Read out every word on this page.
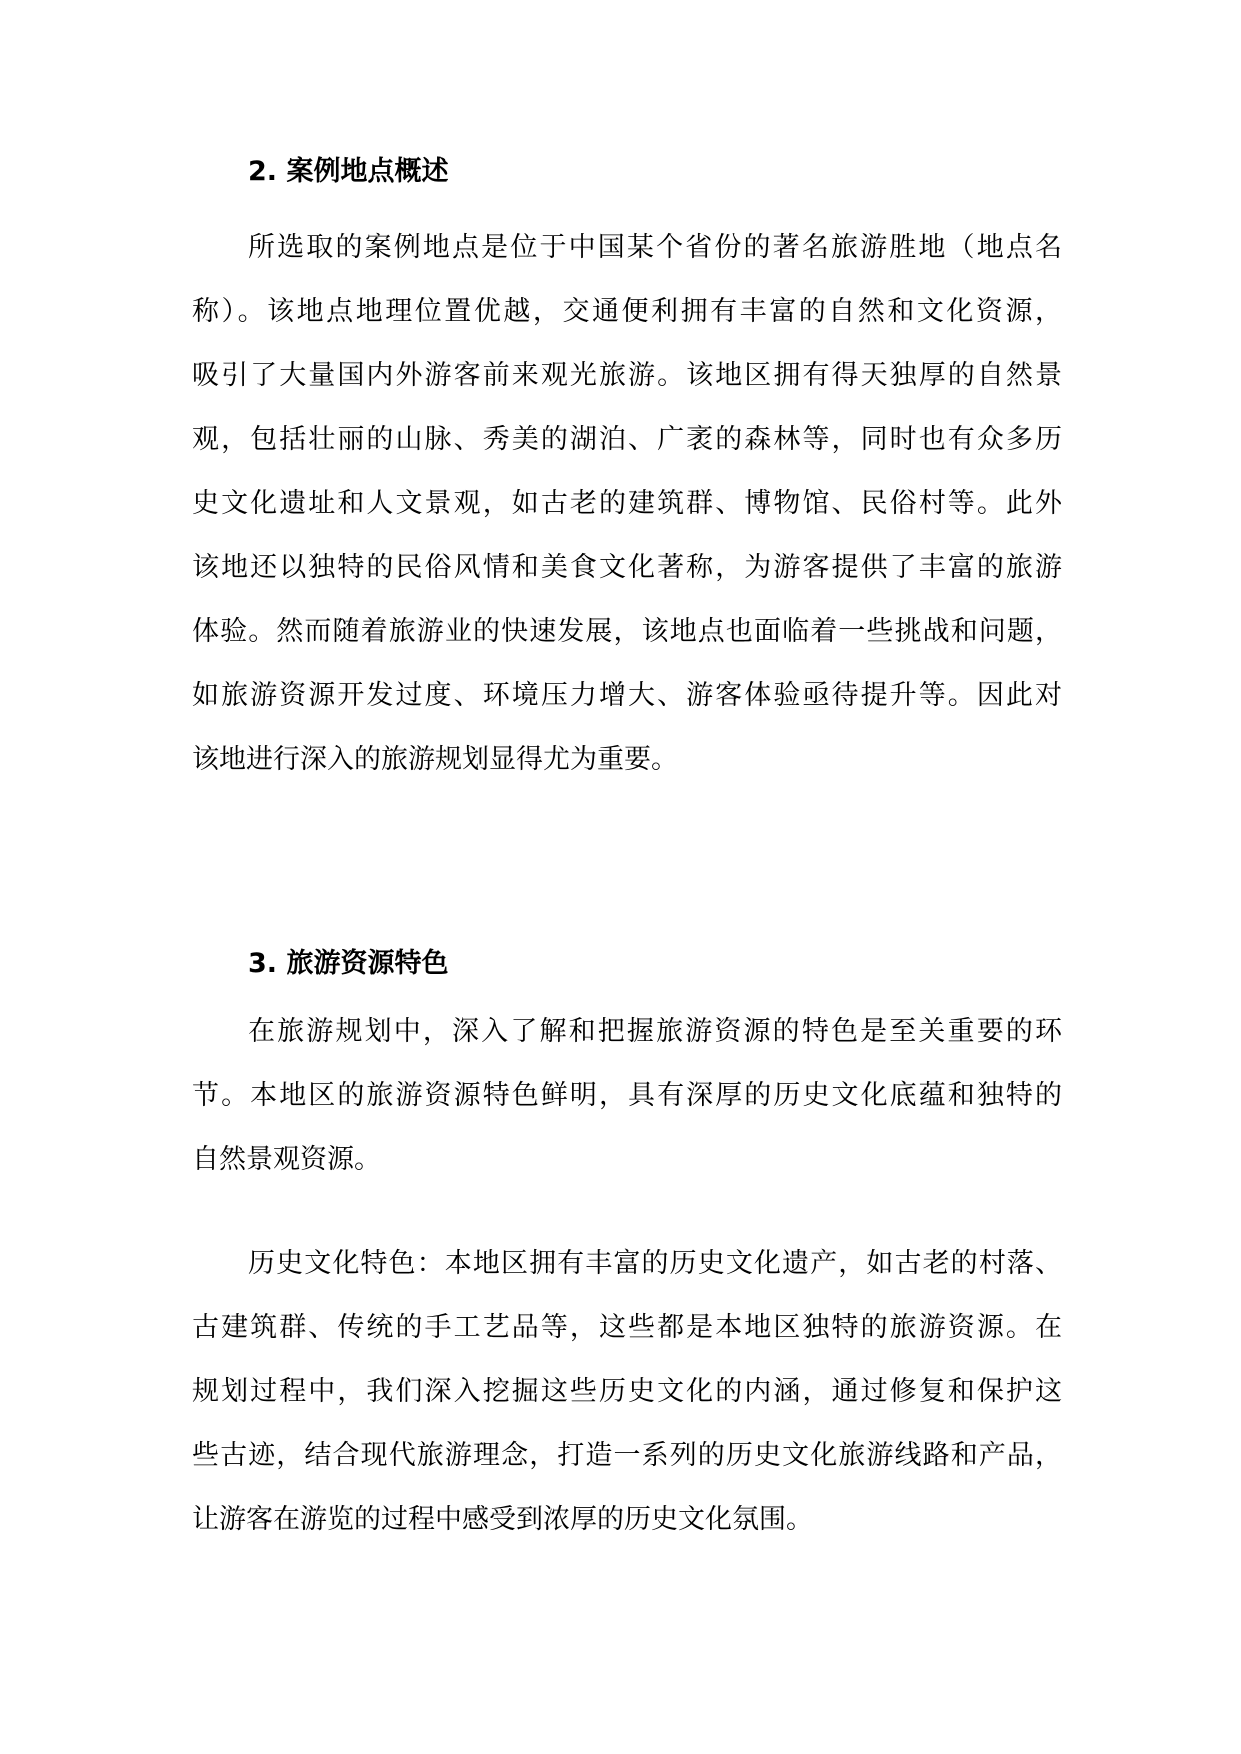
2. 案例地点概述
所选取的案例地点是位于中国某个省份的著名旅游胜地（地点名
称）。该地点地理位置优越，交通便利拥有丰富的自然和文化资源，
吸引了大量国内外游客前来观光旅游。该地区拥有得天独厚的自然景
观，包括壮丽的山脉、秀美的湖泊、广袤的森林等，同时也有众多历
史文化遗址和人文景观，如古老的建筑群、博物馆、民俗村等。此外
该地还以独特的民俗风情和美食文化著称，为游客提供了丰富的旅游
体验。然而随着旅游业的快速发展，该地点也面临着一些挑战和问题，
如旅游资源开发过度、环境压力增大、游客体验亟待提升等。因此对
该地进行深入的旅游规划显得尤为重要。
3. 旅游资源特色
在旅游规划中，深入了解和把握旅游资源的特色是至关重要的环
节。本地区的旅游资源特色鲜明，具有深厚的历史文化底蕴和独特的
自然景观资源。
历史文化特色：本地区拥有丰富的历史文化遗产，如古老的村落、
古建筑群、传统的手工艺品等，这些都是本地区独特的旅游资源。在
规划过程中，我们深入挖掘这些历史文化的内涵，通过修复和保护这
些古迹，结合现代旅游理念，打造一系列的历史文化旅游线路和产品，
让游客在游览的过程中感受到浓厚的历史文化氛围。
